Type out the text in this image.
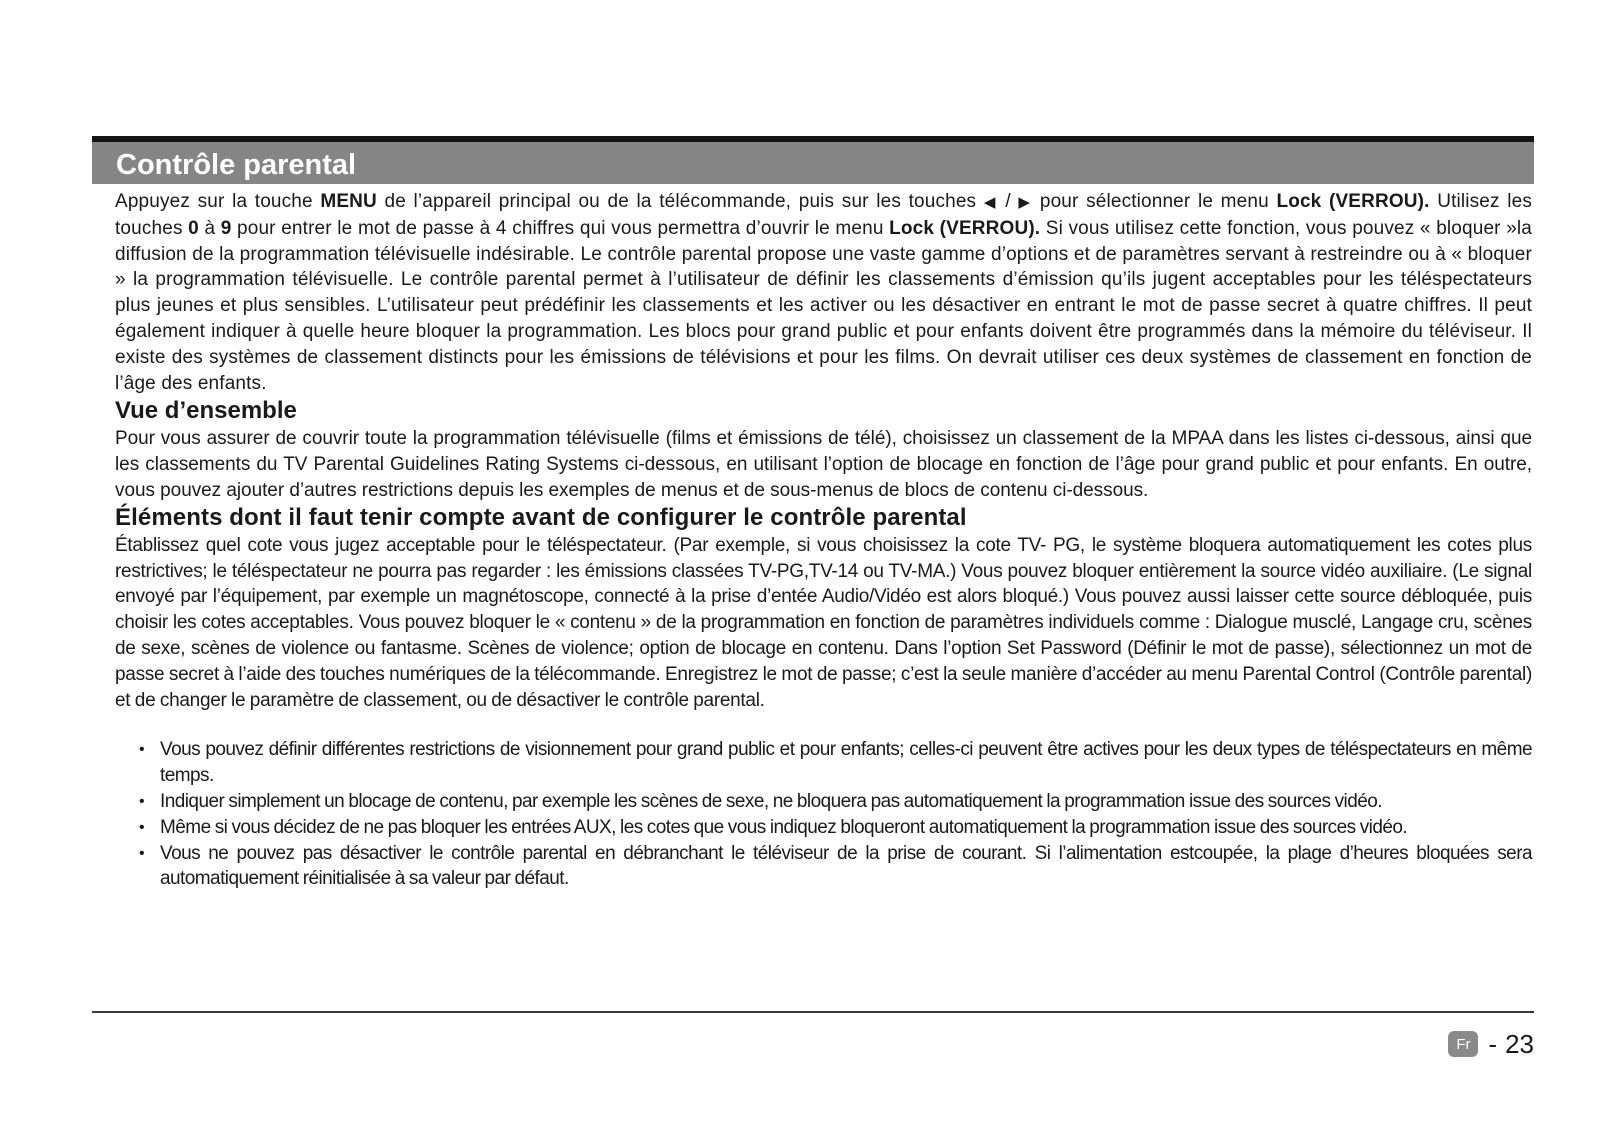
Contrôle parental

Appuyez sur la touche MENU de l’appareil principal ou de la télécommande, puis sur les touches ◀ / ▶ pour sélectionner le menu Lock (VERROU). Utilisez les touches 0 à 9 pour entrer le mot de passe à 4 chiffres qui vous permettra d’ouvrir le menu Lock (VERROU). Si vous utilisez cette fonction, vous pouvez « bloquer »la diffusion de la programmation télévisuelle indésirable. Le contrôle parental propose une vaste gamme d’options et de paramètres servant à restreindre ou à « bloquer » la programmation télévisuelle. Le contrôle parental permet à l’utilisateur de définir les classements d’émission qu’ils jugent acceptables pour les téléspectateurs plus jeunes et plus sensibles. L’utilisateur peut prédéfinir les classements et les activer ou les désactiver en entrant le mot de passe secret à quatre chiffres. Il peut également indiquer à quelle heure bloquer la programmation. Les blocs pour grand public et pour enfants doivent être programmés dans la mémoire du téléviseur. Il existe des systèmes de classement distincts pour les émissions de télévisions et pour les films. On devrait utiliser ces deux systèmes de classement en fonction de l’âge des enfants.

Vue d’ensemble

Pour vous assurer de couvrir toute la programmation télévisuelle (films et émissions de télé), choisissez un classement de la MPAA dans les listes ci-dessous, ainsi que les classements du TV Parental Guidelines Rating Systems ci-dessous, en utilisant l’option de blocage en fonction de l’âge pour grand public et pour enfants. En outre, vous pouvez ajouter d’autres restrictions depuis les exemples de menus et de sous-menus de blocs de contenu ci-dessous.

Éléments dont il faut tenir compte avant de configurer le contrôle parental

Établissez quel cote vous jugez acceptable pour le téléspectateur. (Par exemple, si vous choisissez la cote TV- PG, le système bloquera automatiquement les cotes plus restrictives; le téléspectateur ne pourra pas regarder : les émissions classées TV-PG,TV-14 ou TV-MA.) Vous pouvez bloquer entièrement la source vidéo auxiliaire. (Le signal envoyé par l’équipement, par exemple un magnétoscope, connecté à la prise d’entée Audio/Vidéo est alors bloqué.) Vous pouvez aussi laisser cette source débloquée, puis choisir les cotes acceptables. Vous pouvez bloquer le « contenu » de la programmation en fonction de paramètres individuels comme : Dialogue musclé, Langage cru, scènes de sexe, scènes de violence ou fantasme. Scènes de violence; option de blocage en contenu. Dans l’option Set Password (Définir le mot de passe), sélectionnez un mot de passe secret à l’aide des touches numériques de la télécommande. Enregistrez le mot de passe; c’est la seule manière d’accéder au menu Parental Control (Contrôle parental) et de changer le paramètre de classement, ou de désactiver le contrôle parental.

• Vous pouvez définir différentes restrictions de visionnement pour grand public et pour enfants; celles-ci peuvent être actives pour les deux types de téléspectateurs en même temps.
• Indiquer simplement un blocage de contenu, par exemple les scènes de sexe, ne bloquera pas automatiquement la programmation issue des sources vidéo.
• Même si vous décidez de ne pas bloquer les entrées AUX, les cotes que vous indiquez bloqueront automatiquement la programmation issue des sources vidéo.
• Vous ne pouvez pas désactiver le contrôle parental en débranchant le téléviseur de la prise de courant. Si l’alimentation estcoupée, la plage d’heures bloquées sera automatiquement réinitialisée à sa valeur par défaut.
Fr - 23
